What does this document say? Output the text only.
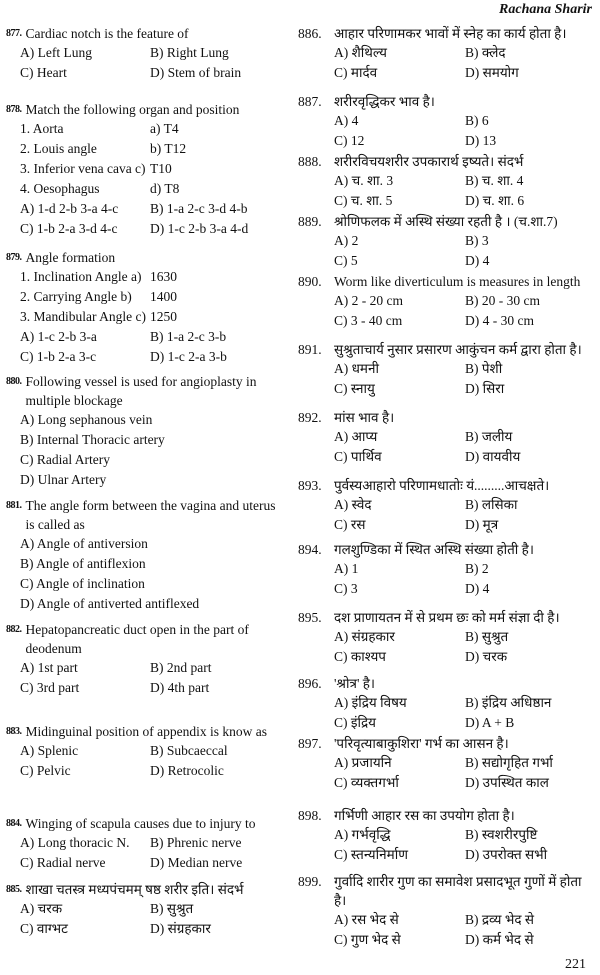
Rachana Sharir
877. Cardiac notch is the feature of
A) Left Lung	B) Right Lung
C) Heart	D) Stem of brain
878. Match the following organ and position
1. Aorta	a) T4
2. Louis angle	b) T12
3. Inferior vena cava c) T10
4. Oesophagus	d) T8
A) 1-d 2-b 3-a 4-c	B) 1-a 2-c 3-d 4-b
C) 1-b 2-a 3-d 4-c	D) 1-c 2-b 3-a 4-d
879. Angle formation
1. Inclination Angle a) 1630
2. Carrying Angle b)	1400
3. Mandibular Angle c) 1250
A) 1-c 2-b 3-a	B) 1-a 2-c 3-b
C) 1-b 2-a 3-c	D) 1-c 2-a 3-b
880. Following vessel is used for angioplasty in multiple blockage
A) Long sephanous vein
B) Internal Thoracic artery
C) Radial Artery
D) Ulnar Artery
881. The angle form between the vagina and uterus is called as
A) Angle of antiversion
B) Angle of antiflexion
C) Angle of inclination
D) Angle of antiverted antiflexed
882. Hepatopancreatic duct open in the part of deodenum
A) 1st part	B) 2nd part
C) 3rd part	D) 4th part
883. Midinguinal position of appendix is know as
A) Splenic	B) Subcaeccal
C) Pelvic	D) Retrocolic
884. Winging of scapula causes due to injury to
A) Long thoracic N.	B) Phrenic nerve
C) Radial nerve	D) Median nerve
885. शाखा चतस्त्र मध्यपंचमम् षष्ठ शरीर इति। संदर्भ
A) चरक	B) सुश्रुत
C) वाग्भट	D) संग्रहकार
886. आहार परिणामकर भावों में स्नेह का कार्य होता है।
A) शैथिल्य	B) क्लेद
C) मार्दव	D) समयोग
887. शरीरवृद्धिकर भाव है।
A) 4	B) 6
C) 12	D) 13
888. शरीरविचयशरीर उपकारार्थ इष्यते। संदर्भ
A) च. शा. 3	B) च. शा. 4
C) च. शा. 5	D) च. शा. 6
889. श्रोणिफलक में अस्थि संख्या रहती है । (च.शा.7)
A) 2	B) 3
C) 5	D) 4
890. Worm like diverticulum is measures in length
A) 2 - 20 cm	B) 20 - 30 cm
C) 3 - 40 cm	D) 4 - 30 cm
891. सुश्रुताचार्य नुसार प्रसारण आकुंचन कर्म द्वारा होता है।
A) धमनी	B) पेशी
C) स्नायु	D) सिरा
892. मांस भाव है।
A) आप्य	B) जलीय
C) पार्थिव	D) वायवीय
893. पुर्वस्यआहारो परिणामधातोः यं.........आचक्षते।
A) स्वेद	B) लसिका
C) रस	D) मूत्र
894. गलशुण्डिका में स्थित अस्थि संख्या होती है।
A) 1	B) 2
C) 3	D) 4
895. दश प्राणायतन में से प्रथम छः को मर्म संज्ञा दी है।
A) संग्रहकार	B) सुश्रुत
C) काश्यप	D) चरक
896. 'श्रोत्र' है।
A) इंद्रिय विषय	B) इंद्रिय अधिष्ठान
C) इंद्रिय	D) A + B
897. 'परिवृत्याबाकुशिरा' गर्भ का आसन है।
A) प्रजायनि	B) सद्योगृहित गर्भा
C) व्यक्तगर्भा	D) उपस्थित काल
898. गर्भिणी आहार रस का उपयोग होता है।
A) गर्भवृद्धि	B) स्वशरीरपुष्टि
C) स्तन्यनिर्माण	D) उपरोक्त सभी
899. गुर्वादि शारीर गुण का समावेश प्रसादभूत गुणों में होता है।
A) रस भेद से	B) द्रव्य भेद से
C) गुण भेद से	D) कर्म भेद से
221
